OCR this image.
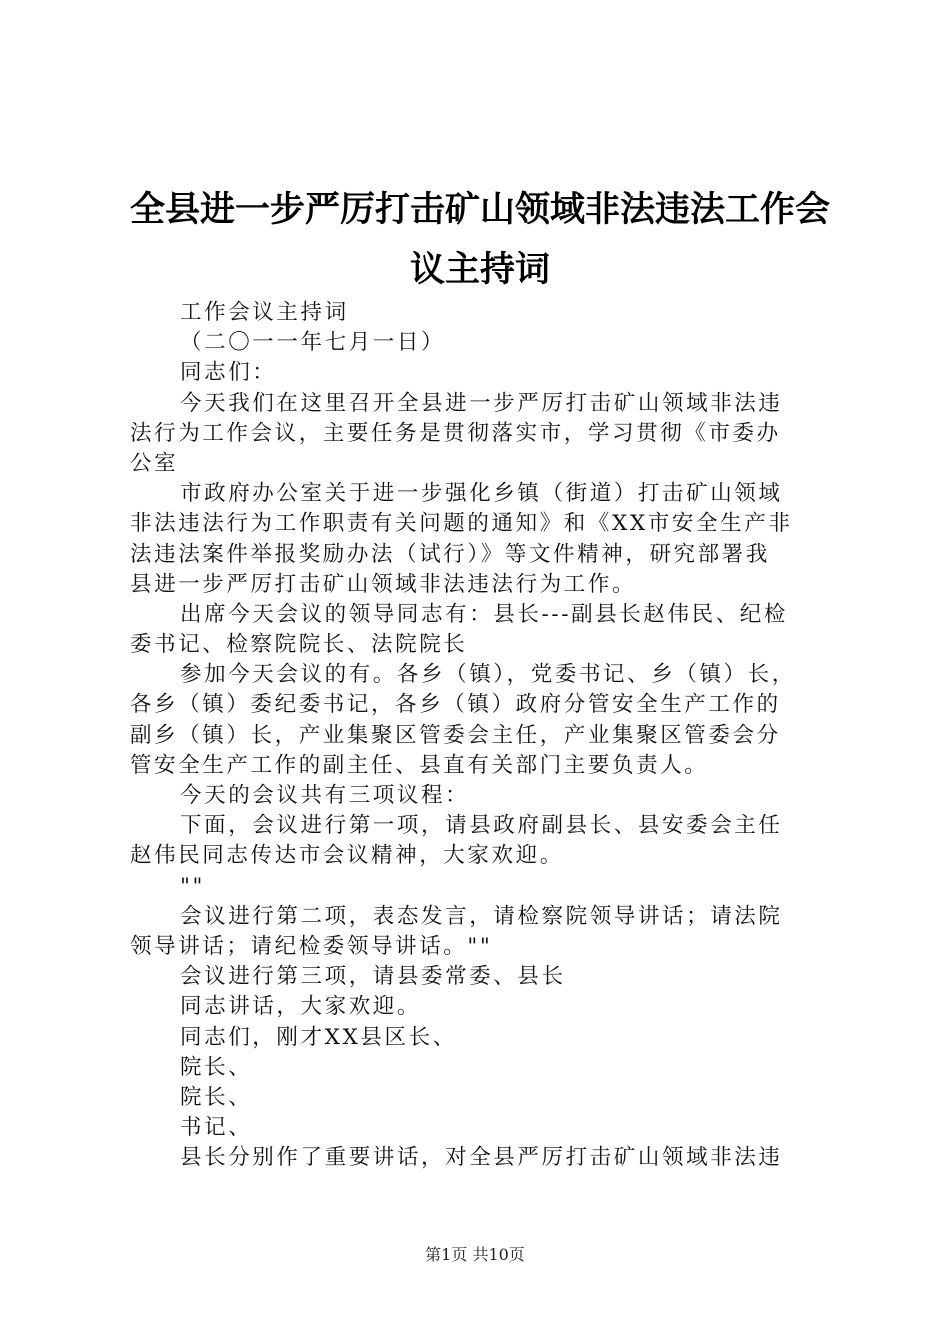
全县进一步严厉打击矿山领域非法违法工作会
议主持词
工作会议主持词
（二〇一一年七月一日）
同志们：
今天我们在这里召开全县进一步严厉打击矿山领域非法违
法行为工作会议，主要任务是贯彻落实市，学习贯彻《市委办
公室
市政府办公室关于进一步强化乡镇（街道）打击矿山领域
非法违法行为工作职责有关问题的通知》和《XX市安全生产非
法违法案件举报奖励办法（试行）》等文件精神，研究部署我
县进一步严厉打击矿山领域非法违法行为工作。
出席今天会议的领导同志有：县长---副县长赵伟民、纪检
委书记、检察院院长、法院院长
参加今天会议的有。各乡（镇），党委书记、乡（镇）长，
各乡（镇）委纪委书记，各乡（镇）政府分管安全生产工作的
副乡（镇）长，产业集聚区管委会主任，产业集聚区管委会分
管安全生产工作的副主任、县直有关部门主要负责人。
今天的会议共有三项议程：
下面，会议进行第一项，请县政府副县长、县安委会主任
赵伟民同志传达市会议精神，大家欢迎。
""
会议进行第二项，表态发言，请检察院领导讲话；请法院
领导讲话；请纪检委领导讲话。""
会议进行第三项，请县委常委、县长
同志讲话，大家欢迎。
同志们，刚才XX县区长、
院长、
院长、
书记、
县长分别作了重要讲话，对全县严厉打击矿山领域非法违
第1页 共10页
